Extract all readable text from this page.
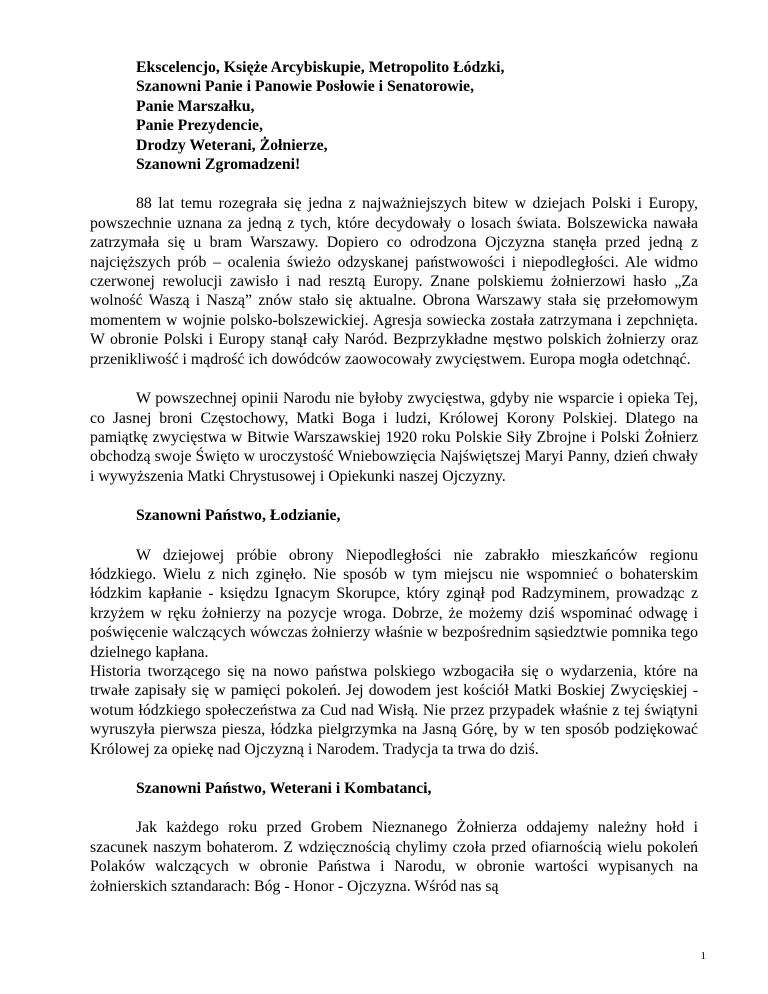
Ekscelencjo, Księże Arcybiskupie, Metropolito Łódzki,
Szanowni Panie i Panowie Posłowie i Senatorowie,
Panie Marszałku,
Panie Prezydencie,
Drodzy Weterani, Żołnierze,
Szanowni Zgromadzeni!

88 lat temu rozegrała się jedna z najważniejszych bitew w dziejach Polski i Europy, powszechnie uznana za jedną z tych, które decydowały o losach świata. Bolszewicka nawała zatrzymała się u bram Warszawy. Dopiero co odrodzona Ojczyzna stanęła przed jedną z najcięższych prób – ocalenia świeżo odzyskanej państwowości i niepodległości. Ale widmo czerwonej rewolucji zawisło i nad resztą Europy. Znane polskiemu żołnierzowi hasło „Za wolność Waszą i Naszą” znów stało się aktualne. Obrona Warszawy stała się przełomowym momentem w wojnie polsko-bolszewickiej. Agresja sowiecka została zatrzymana i zepchnięta. W obronie Polski i Europy stanął cały Naród. Bezprzykładne męstwo polskich żołnierzy oraz przenikliwość i mądrość ich dowódców zaowocowały zwycięstwem. Europa mogła odetchnąć.

W powszechnej opinii Narodu nie byłoby zwycięstwa, gdyby nie wsparcie i opieka Tej, co Jasnej broni Częstochowy, Matki Boga i ludzi, Królowej Korony Polskiej. Dlatego na pamiątkę zwycięstwa w Bitwie Warszawskiej 1920 roku Polskie Siły Zbrojne i Polski Żołnierz obchodzą swoje Święto w uroczystość Wniebowzięcia Najświętszej Maryi Panny, dzień chwały i wywyższenia Matki Chrystusowej i Opiekunki naszej Ojczyzny.

Szanowni Państwo, Łodzianie,

W dziejowej próbie obrony Niepodległości nie zabrakło mieszkańców regionu łódzkiego. Wielu z nich zginęło. Nie sposób w tym miejscu nie wspomnieć o bohaterskim łódzkim kapłanie - księdzu Ignacym Skorupce, który zginął pod Radzyminem, prowadząc z krzyżem w ręku żołnierzy na pozycje wroga. Dobrze, że możemy dziś wspominać odwagę i poświęcenie walczących wówczas żołnierzy właśnie w bezpośrednim sąsiedztwie pomnika tego dzielnego kapłana.

Historia tworzącego się na nowo państwa polskiego wzbogaciła się o wydarzenia, które na trwałe zapisały się w pamięci pokoleń. Jej dowodem jest kościół Matki Boskiej Zwycięskiej - wotum łódzkiego społeczeństwa za Cud nad Wisłą. Nie przez przypadek właśnie z tej świątyni wyruszyła pierwsza piesza, łódzka pielgrzymka na Jasną Górę, by w ten sposób podziękować Królowej za opiekę nad Ojczyzną i Narodem. Tradycja ta trwa do dziś.

Szanowni Państwo, Weterani i Kombatanci,

Jak każdego roku przed Grobem Nieznanego Żołnierza oddajemy należny hołd i szacunek naszym bohaterom. Z wdzięcznością chylimy czoła przed ofiarnością wielu pokoleń Polaków walczących w obronie Państwa i Narodu, w obronie wartości wypisanych na żołnierskich sztandarach: Bóg - Honor - Ojczyzna. Wśród nas są

1
